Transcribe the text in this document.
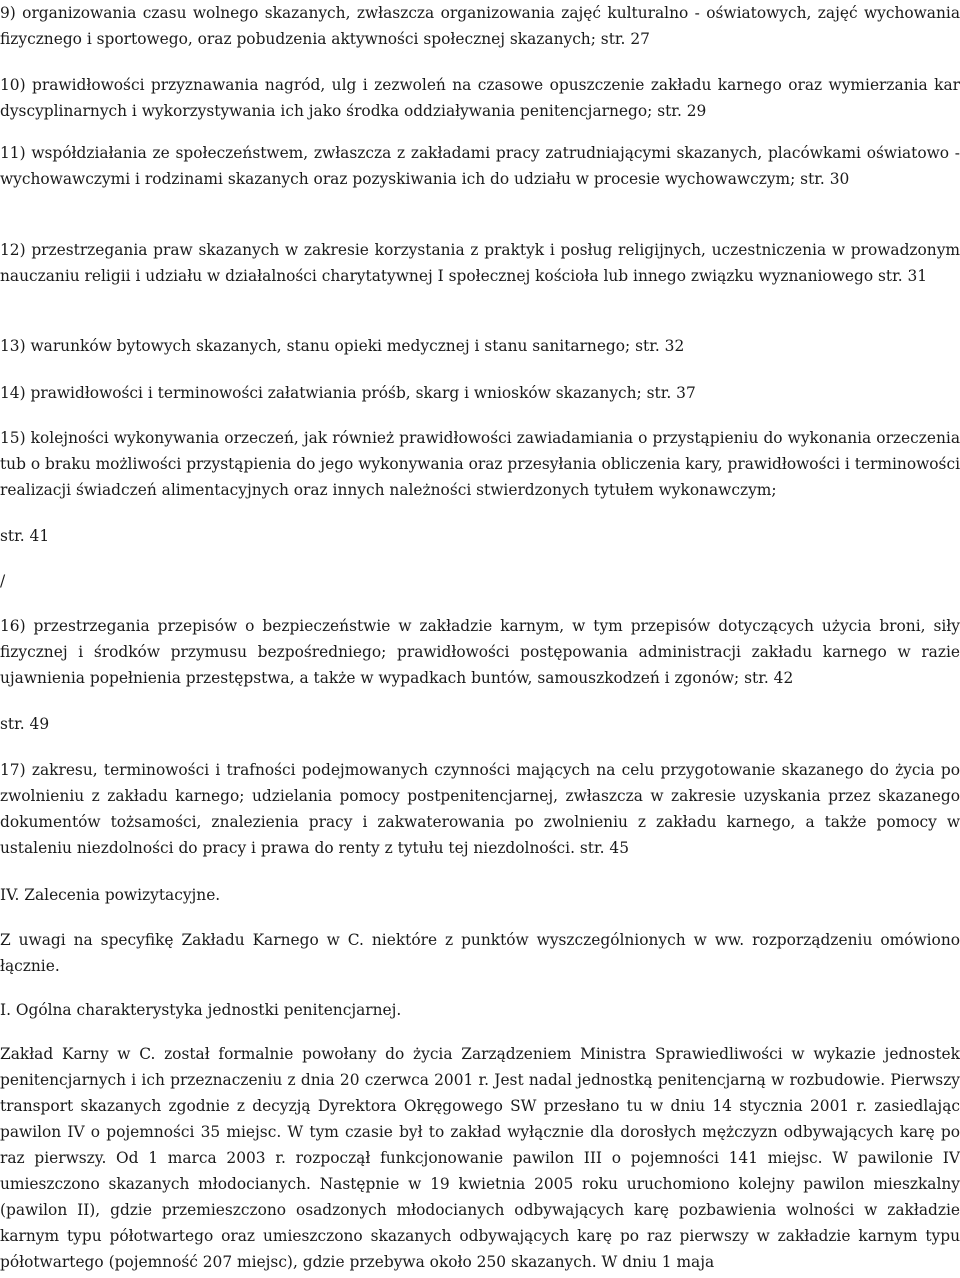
9) organizowania czasu wolnego skazanych, zwłaszcza organizowania zajęć kulturalno - oświatowych, zajęć wychowania fizycznego i sportowego, oraz pobudzenia aktywności społecznej skazanych; str. 27

10) prawidłowości przyznawania nagród, ulg i zezwoleń na czasowe opuszczenie zakładu karnego oraz wymierzania kar dyscyplinarnych i wykorzystywania ich jako środka oddziaływania penitencjarnego; str. 29

11) współdziałania ze społeczeństwem, zwłaszcza z zakładami pracy zatrudniającymi skazanych, placówkami oświatowo - wychowawczymi i rodzinami skazanych oraz pozyskiwania ich do udziału w procesie wychowawczym; str. 30

12) przestrzegania praw skazanych w zakresie korzystania z praktyk i posług religijnych, uczestniczenia w prowadzonym nauczaniu religii i udziału w działalności charytatywnej I społecznej kościoła lub innego związku wyznaniowego str. 31

13) warunków bytowych skazanych, stanu opieki medycznej i stanu sanitarnego; str. 32

14) prawidłowości i terminowości załatwiania próśb, skarg i wniosków skazanych; str. 37

15) kolejności wykonywania orzeczeń, jak również prawidłowości zawiadamiania o przystąpieniu do wykonania orzeczenia tub o braku możliwości przystąpienia do jego wykonywania oraz przesyłania obliczenia kary, prawidłowości i terminowości realizacji świadczeń alimentacyjnych oraz innych należności stwierdzonych tytułem wykonawczym;

str. 41

/

16) przestrzegania przepisów o bezpieczeństwie w zakładzie karnym, w tym przepisów dotyczących użycia broni, siły fizycznej i środków przymusu bezpośredniego; prawidłowości postępowania administracji zakładu karnego w razie ujawnienia popełnienia przestępstwa, a także w wypadkach buntów, samouszkodzeń i zgonów; str. 42

str. 49

17) zakresu, terminowości i trafności podejmowanych czynności mających na celu przygotowanie skazanego do życia po zwolnieniu z zakładu karnego; udzielania pomocy postpenitencjarnej, zwłaszcza w zakresie uzyskania przez skazanego dokumentów tożsamości, znalezienia pracy i zakwaterowania po zwolnieniu z zakładu karnego, a także pomocy w ustaleniu niezdolności do pracy i prawa do renty z tytułu tej niezdolności. str. 45

IV. Zalecenia powizytacyjne.

Z uwagi na specyfikę Zakładu Karnego w C. niektóre z punktów wyszczególnionych w ww. rozporządzeniu omówiono łącznie.

I. Ogólna charakterystyka jednostki penitencjarnej.

Zakład Karny w C. został formalnie powołany do życia Zarządzeniem Ministra Sprawiedliwości w wykazie jednostek penitencjarnych i ich przeznaczeniu z dnia 20 czerwca 2001 r. Jest nadal jednostką penitencjarną w rozbudowie. Pierwszy transport skazanych zgodnie z decyzją Dyrektora Okręgowego SW przesłano tu w dniu 14 stycznia 2001 r. zasiedlając pawilon IV o pojemności 35 miejsc. W tym czasie był to zakład wyłącznie dla dorosłych mężczyzn odbywających karę po raz pierwszy. Od 1 marca 2003 r. rozpoczął funkcjonowanie pawilon III o pojemności 141 miejsc. W pawilonie IV umieszczono skazanych młodocianych. Następnie w 19 kwietnia 2005 roku uruchomiono kolejny pawilon mieszkalny (pawilon II), gdzie przemieszczono osadzonych młodocianych odbywających karę pozbawienia wolności w zakładzie karnym typu półotwartego oraz umieszczono skazanych odbywających karę po raz pierwszy w zakładzie karnym typu półotwartego (pojemność 207 miejsc), gdzie przebywa około 250 skazanych. W dniu 1 maja
